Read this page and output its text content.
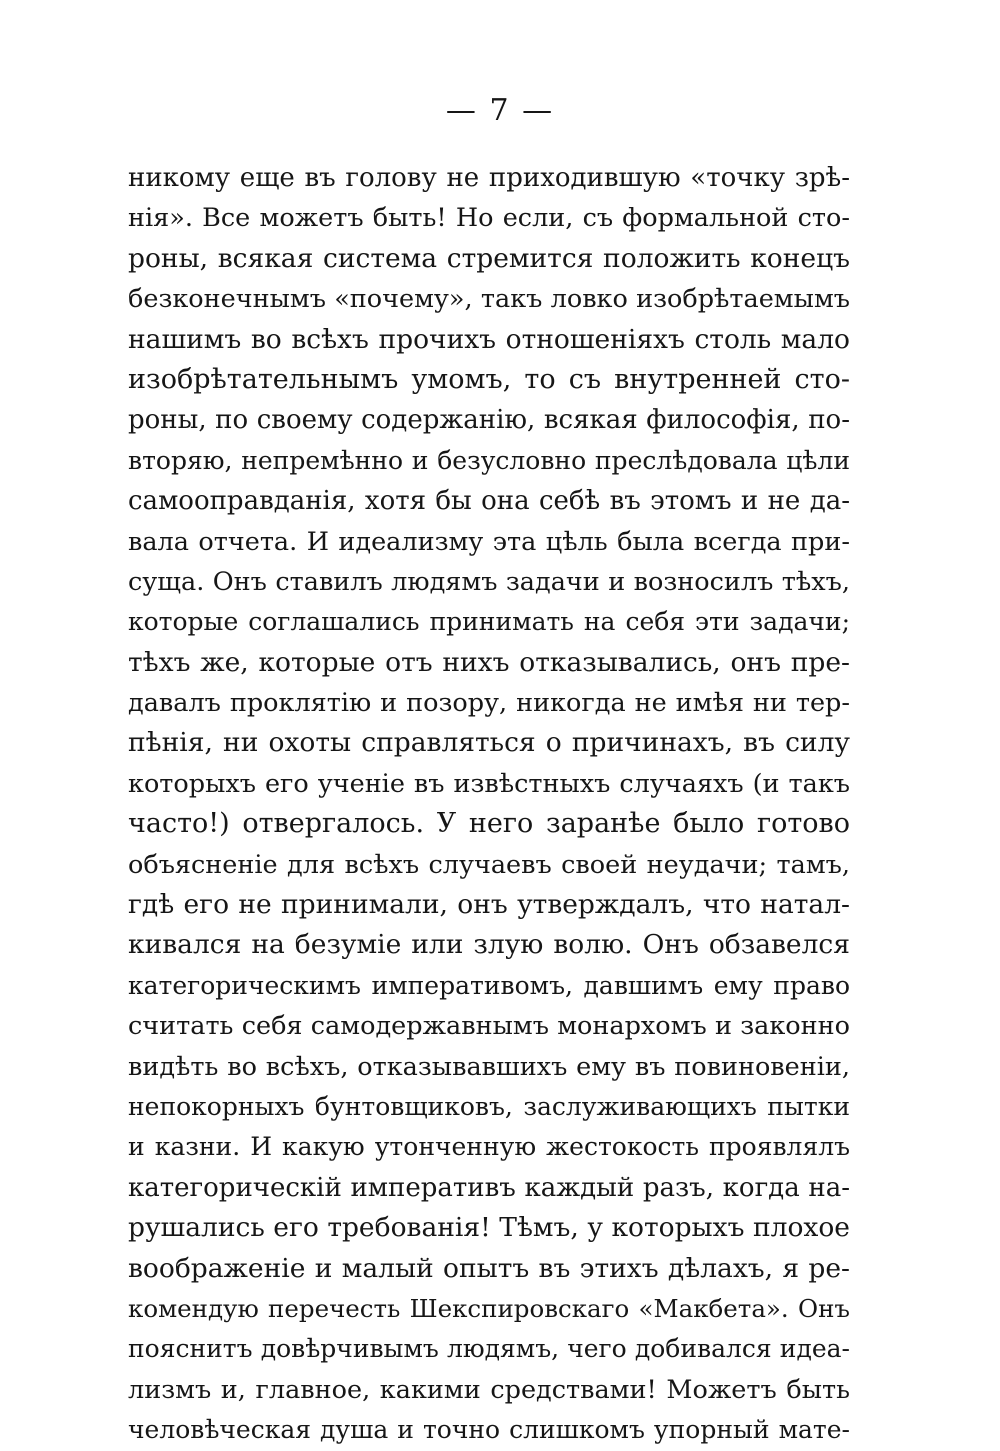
— 7 —
никому еще въ голову не приходившую «точку зрѣ-
нія». Все можетъ быть! Но если, съ формальной сто-
роны, всякая система стремится положить конецъ
безконечнымъ «почему», такъ ловко изобрѣтаемымъ
нашимъ во всѣхъ прочихъ отношеніяхъ столь мало
изобрѣтательнымъ умомъ, то съ внутренней сто-
роны, по своему содержанію, всякая философія, по-
вторяю, непремѣнно и безусловно преслѣдовала цѣли
самооправданія, хотя бы она себѣ въ этомъ и не да-
вала отчета. И идеализму эта цѣль была всегда при-
суща. Онъ ставилъ людямъ задачи и возносилъ тѣхъ,
которые соглашались принимать на себя эти задачи;
тѣхъ же, которые отъ нихъ отказывались, онъ пре-
давалъ проклятію и позору, никогда не имѣя ни тер-
пѣнія, ни охоты справляться о причинахъ, въ силу
которыхъ его ученіе въ извѣстныхъ случаяхъ (и такъ
часто!) отвергалось. У него заранѣе было готово
объясненіе для всѣхъ случаевъ своей неудачи; тамъ,
гдѣ его не принимали, онъ утверждалъ, что натал-
кивался на безуміе или злую волю. Онъ обзавелся
категорическимъ императивомъ, давшимъ ему право
считать себя самодержавнымъ монархомъ и законно
видѣть во всѣхъ, отказывавшихъ ему въ повиновеніи,
непокорныхъ бунтовщиковъ, заслуживающихъ пытки
и казни. И какую утонченную жестокость проявлялъ
категорическій императивъ каждый разъ, когда на-
рушались его требованія! Тѣмъ, у которыхъ плохое
воображеніе и малый опытъ въ этихъ дѣлахъ, я ре-
комендую перечесть Шекспировскаго «Макбета». Онъ
пояснитъ довѣрчивымъ людямъ, чего добивался идеа-
лизмъ и, главное, какими средствами! Можетъ быть
человѣческая душа и точно слишкомъ упорный мате-
